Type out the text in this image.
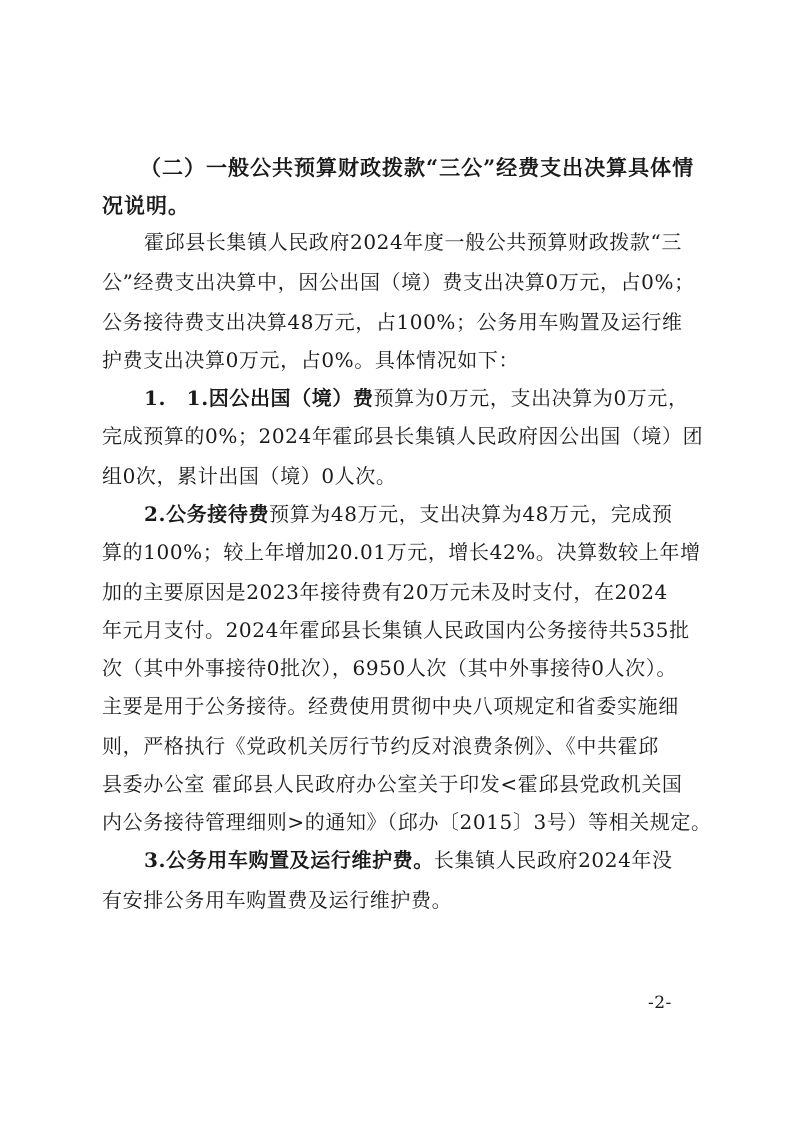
（二）一般公共预算财政拨款“三公”经费支出决算具体情
况说明。
霍邱县长集镇人民政府2024年度一般公共预算财政拨款“三
公”经费支出决算中，因公出国（境）费支出决算0万元，占0%；
公务接待费支出决算48万元，占100%；公务用车购置及运行维
护费支出决算0万元，占0%。具体情况如下：
1.　1.因公出国（境）费预算为0万元，支出决算为0万元，
完成预算的0%；2024年霍邱县长集镇人民政府因公出国（境）团
组0次，累计出国（境）0人次。
2.公务接待费预算为48万元，支出决算为48万元，完成预
算的100%；较上年增加20.01万元，增长42%。决算数较上年增
加的主要原因是2023年接待费有20万元未及时支付，在2024
年元月支付。2024年霍邱县长集镇人民政国内公务接待共535批
次（其中外事接待0批次），6950人次（其中外事接待0人次）。
主要是用于公务接待。经费使用贯彻中央八项规定和省委实施细
则，严格执行《党政机关厉行节约反对浪费条例》、《中共霍邱
县委办公室 霍邱县人民政府办公室关于印发<霍邱县党政机关国
内公务接待管理细则>的通知》（邱办〔2015〕3号）等相关规定。
3.公务用车购置及运行维护费。长集镇人民政府2024年没
有安排公务用车购置费及运行维护费。
-2-
